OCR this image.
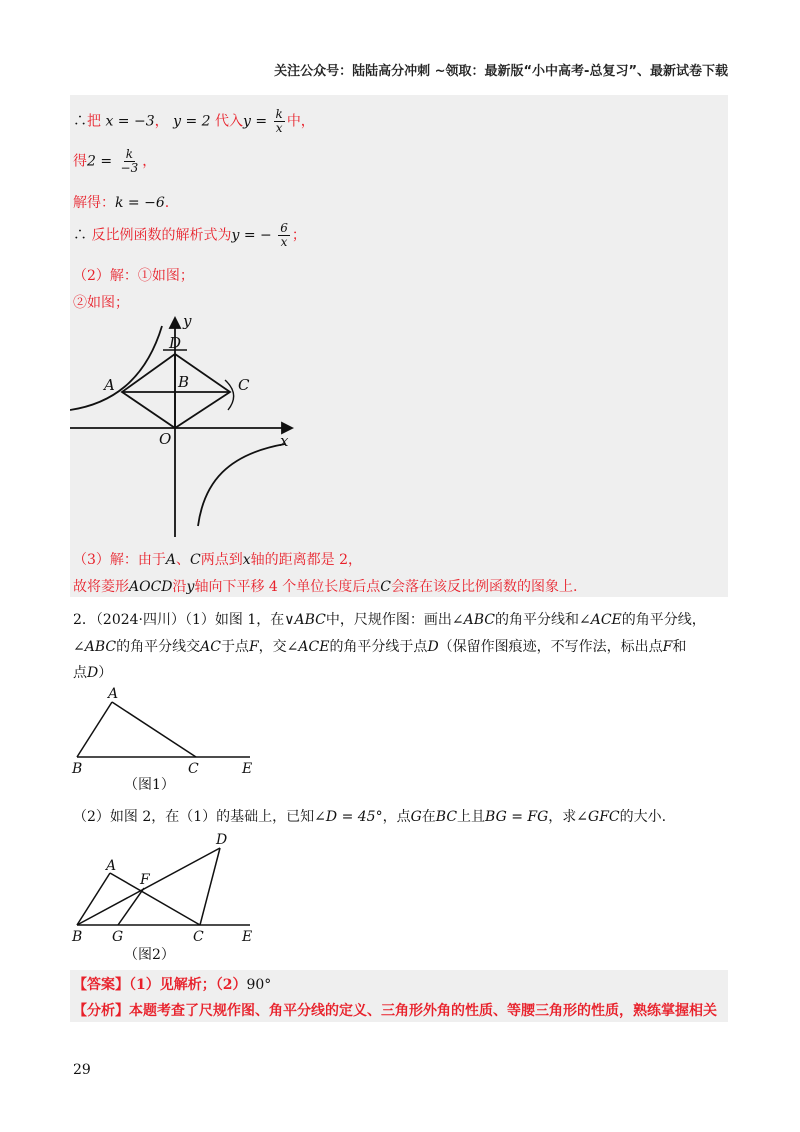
关注公众号：陆陆高分冲刺 ~领取：最新版“小中高考-总复习”、最新试卷下载
∴把 x = −3， y = 2 代入$y = \frac{k}{x}$ 中，
得$2 = \frac{k}{-3}$ ，
解得：k = −6.
∴ 反比例函数的解析式为y = − $\frac{6}{x}$ ；
（2）解：①如图；
②如图；
y
D
A	B	C
O	x
（3）解：由于A、C两点到x轴的距离都是 2，
故将菱形AOCD沿y轴向下平移 4 个单位长度后点C会落在该反比例函数的图象上.
2．（2024·四川）（1）如图 1，在∨ABC中，尺规作图：画出∠ABC的角平分线和∠ACE的角平分线，
∠ABC的角平分线交AC于点F，交∠ACE的角平分线于点D（保留作图痕迹，不写作法，标出点F和
点D）
A
B	C	E
（图1）
（2）如图 2，在（1）的基础上，已知∠D = 45°，点G在BC上且BG = FG，求∠GFC的大小.
A
D
F
B G	C	E
（图2）
【答案】（1）见解析；（2）90°
【分析】本题考查了尺规作图、角平分线的定义、三角形外角的性质、等腰三角形的性质，熟练掌握相关
29
